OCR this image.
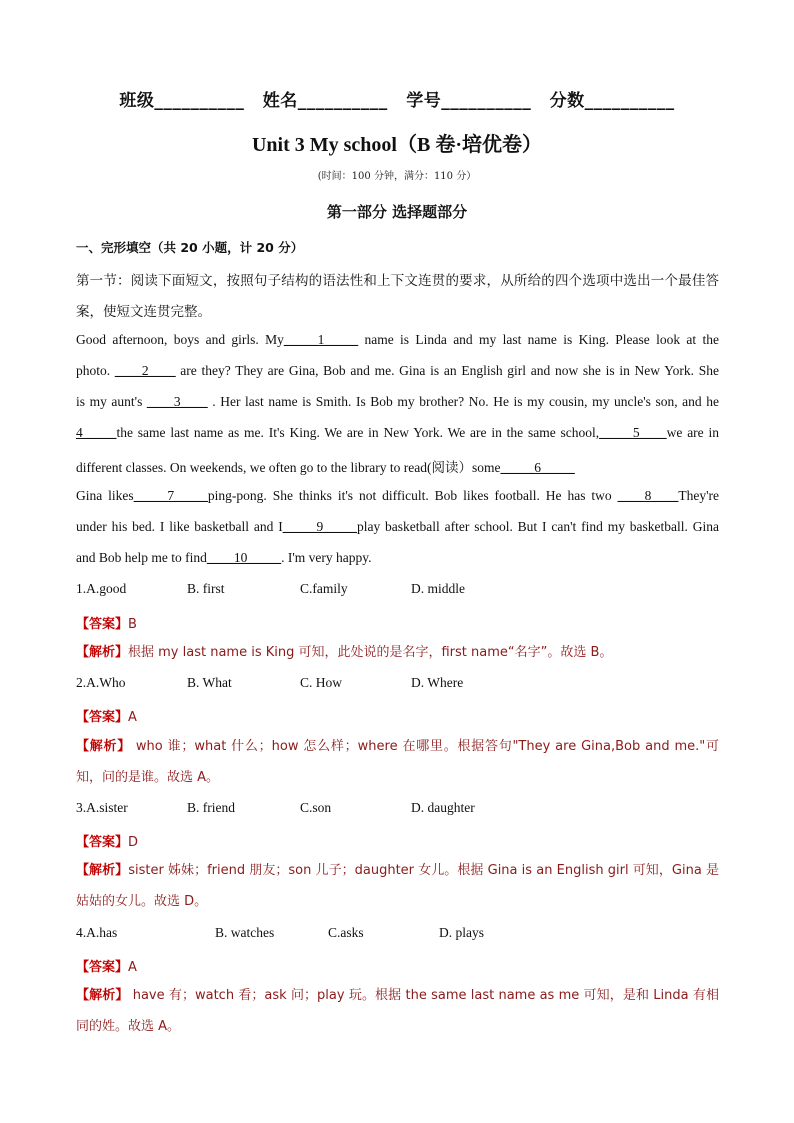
班级__________ 姓名__________ 学号__________ 分数__________
Unit 3 My school（B 卷·培优卷）
(时间：100 分钟，满分：110 分）
第一部分 选择题部分
一、完形填空（共 20 小题，计 20 分）
第一节：阅读下面短文，按照句子结构的语法性和上下文连贯的要求，从所给的四个选项中选出一个最佳答案，使短文连贯完整。
Good afternoon, boys and girls. My_____1_____ name is Linda and my last name is King. Please look at the
photo. ____2____ are they? They are Gina, Bob and me. Gina is an English girl and now she is in New York. She
is my aunt's ____3____ . Her last name is Smith. Is Bob my brother? No. He is my cousin, my uncle's son, and he
4_____the same last name as me. It's King. We are in New York. We are in the same school,_____5____we are in
different classes. On weekends, we often go to the library to read(阅读）some_____6_____
Gina likes_____7_____ping-pong. She thinks it's not difficult. Bob likes football. He has two ____8____They're
under his bed. I like basketball and I_____9_____play basketball after school. But I can't find my basketball. Gina
and Bob help me to find____10_____. I'm very happy.
1.A.good	B. first	C.family	D. middle
【答案】B
【解析】根据 my last name is King 可知，此处说的是名字，first name“名字”。故选 B。
2.A.Who	B. What	C. How	D. Where
【答案】A
【解析】 who 谁；what 什么；how 怎么样；where 在哪里。根据答句"They are Gina,Bob and me."可知，问的是谁。故选 A。
3.A.sister	B. friend	C.son	D. daughter
【答案】D
【解析】sister 姊妹；friend 朋友；son 儿子；daughter 女儿。根据 Gina is an English girl 可知，Gina 是姑姑的女儿。故选 D。
4.A.has	B. watches	C.asks	D. plays
【答案】A
【解析】 have 有；watch 看；ask 问；play 玩。根据 the same last name as me 可知，是和 Linda 有相同的姓。故选 A。
